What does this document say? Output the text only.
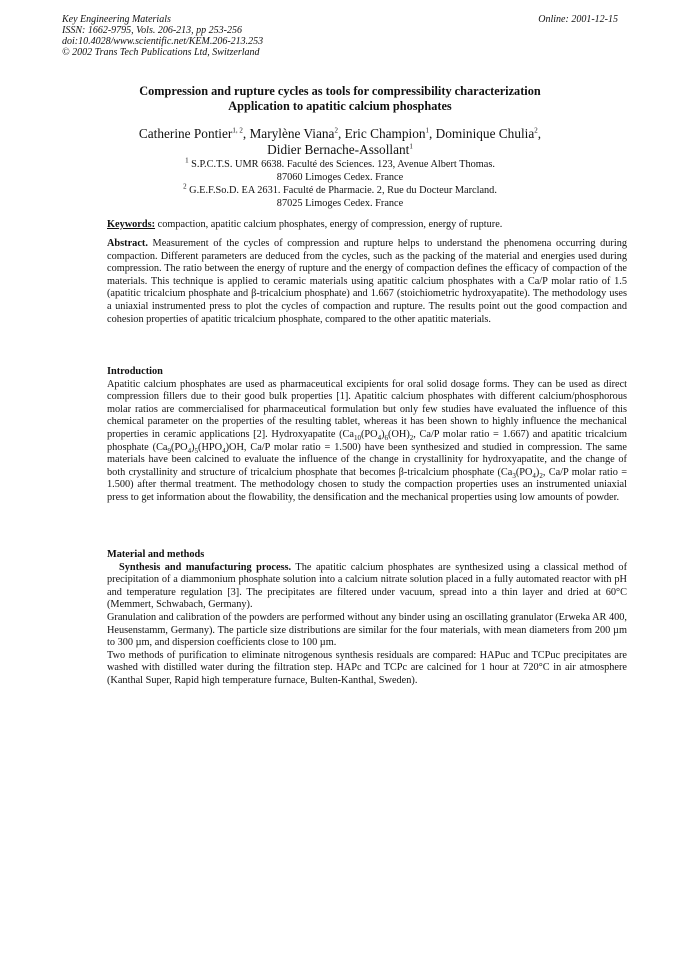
Key Engineering Materials
ISSN: 1662-9795, Vols. 206-213, pp 253-256
doi:10.4028/www.scientific.net/KEM.206-213.253
© 2002 Trans Tech Publications Ltd, Switzerland
Online: 2001-12-15
Compression and rupture cycles as tools for compressibility characterization
Application to apatitic calcium phosphates
Catherine Pontier$^{1, 2}$, Marylène Viana$^2$, Eric Champion$^1$, Dominique Chulia$^2$,
Didier Bernache-Assollant$^1$
$^1$ S.P.C.T.S. UMR 6638. Faculté des Sciences. 123, Avenue Albert Thomas.
87060 Limoges Cedex. France
$^2$ G.E.F.So.D. EA 2631. Faculté de Pharmacie. 2, Rue du Docteur Marcland.
87025 Limoges Cedex. France
Keywords: compaction, apatitic calcium phosphates, energy of compression, energy of rupture.

Abstract. Measurement of the cycles of compression and rupture helps to understand the phenomena occurring during compaction. Different parameters are deduced from the cycles, such as the packing of the material and energies used during compression. The ratio between the energy of rupture and the energy of compaction defines the efficacy of compaction of the materials. This technique is applied to ceramic materials using apatitic calcium phosphates with a Ca/P molar ratio of 1.5 (apatitic tricalcium phosphate and β-tricalcium phosphate) and 1.667 (stoichiometric hydroxyapatite). The methodology uses a uniaxial instrumented press to plot the cycles of compaction and rupture. The results point out the good compaction and cohesion properties of apatitic tricalcium phosphate, compared to the other apatitic materials.

Introduction

Apatitic calcium phosphates are used as pharmaceutical excipients for oral solid dosage forms. They can be used as direct compression fillers due to their good bulk properties [1]. Apatitic calcium phosphates with different calcium/phosphorous molar ratios are commercialised for pharmaceutical formulation but only few studies have evaluated the influence of this chemical parameter on the properties of the resulting tablet, whereas it has been shown to highly influence the mechanical properties in ceramic applications [2]. Hydroxyapatite ($Ca_{10}(PO_4)_6(OH)_2$, Ca/P molar ratio = 1.667) and apatitic tricalcium phosphate ($Ca_9(PO_4)_5(HPO_4)OH$, Ca/P molar ratio = 1.500) have been synthesized and studied in compression. The same materials have been calcined to evaluate the influence of the change in crystallinity for hydroxyapatite, and the change of both crystallinity and structure of tricalcium phosphate that becomes β-tricalcium phosphate ($Ca_3(PO_4)_2$, Ca/P molar ratio = 1.500) after thermal treatment. The methodology chosen to study the compaction properties uses an instrumented uniaxial press to get information about the flowability, the densification and the mechanical properties using low amounts of powder.

Material and methods

Synthesis and manufacturing process. The apatitic calcium phosphates are synthesized using a classical method of precipitation of a diammonium phosphate solution into a calcium nitrate solution placed in a fully automated reactor with pH and temperature regulation [3]. The precipitates are filtered under vacuum, spread into a thin layer and dried at 60°C (Memmert, Schwabach, Germany).

Granulation and calibration of the powders are performed without any binder using an oscillating granulator (Erweka AR 400, Heusenstamm, Germany). The particle size distributions are similar for the four materials, with mean diameters from 200 µm to 300 µm, and dispersion coefficients close to 100 µm.

Two methods of purification to eliminate nitrogenous synthesis residuals are compared: HAPuc and TCPuc precipitates are washed with distilled water during the filtration step. HAPc and TCPc are calcined for 1 hour at 720°C in air atmosphere (Kanthal Super, Rapid high temperature furnace, Bulten-Kanthal, Sweden).
